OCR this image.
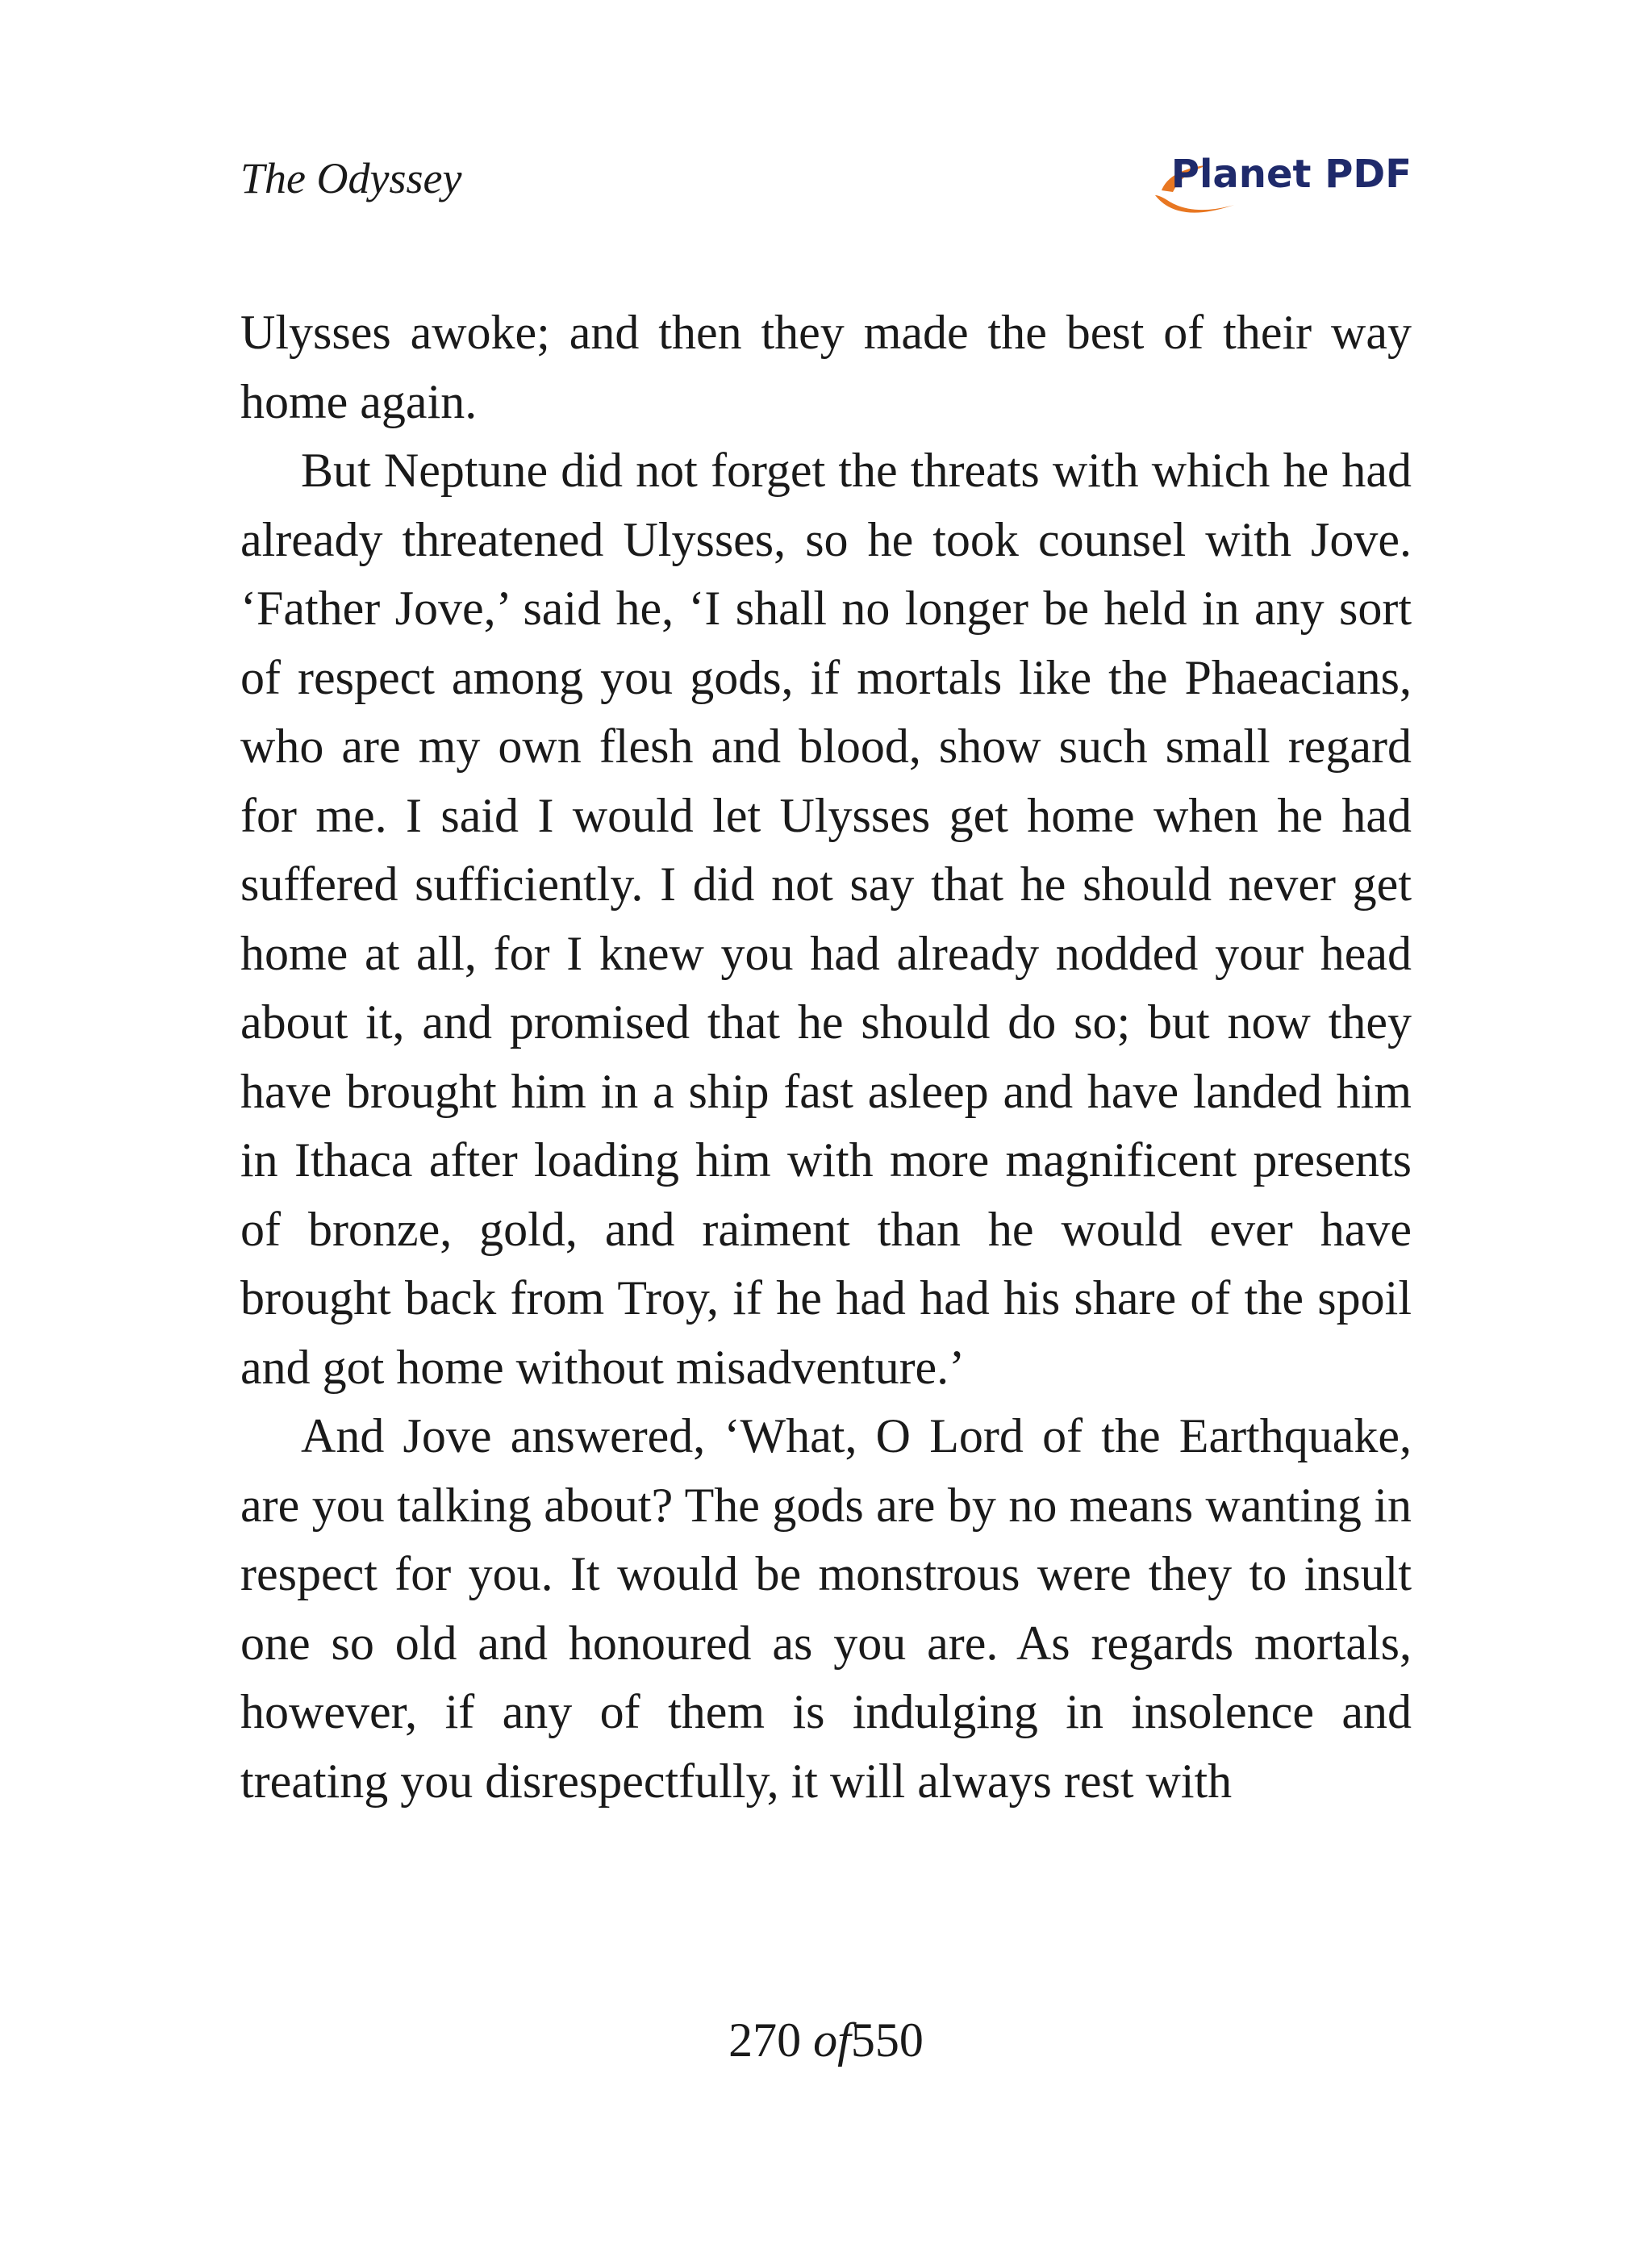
The Odyssey	Planet PDF

Ulysses awoke; and then they made the best of their way home again.

But Neptune did not forget the threats with which he had already threatened Ulysses, so he took counsel with Jove. ‘Father Jove,’ said he, ‘I shall no longer be held in any sort of respect among you gods, if mortals like the Phaeacians, who are my own flesh and blood, show such small regard for me. I said I would let Ulysses get home when he had suffered sufficiently. I did not say that he should never get home at all, for I knew you had already nodded your head about it, and promised that he should do so; but now they have brought him in a ship fast asleep and have landed him in Ithaca after loading him with more magnificent presents of bronze, gold, and raiment than he would ever have brought back from Troy, if he had had his share of the spoil and got home without misadventure.’

And Jove answered, ‘What, O Lord of the Earthquake, are you talking about? The gods are by no means wanting in respect for you. It would be monstrous were they to insult one so old and honoured as you are. As regards mortals, however, if any of them is indulging in insolence and treating you disrespectfully, it will always rest with

270 of550
